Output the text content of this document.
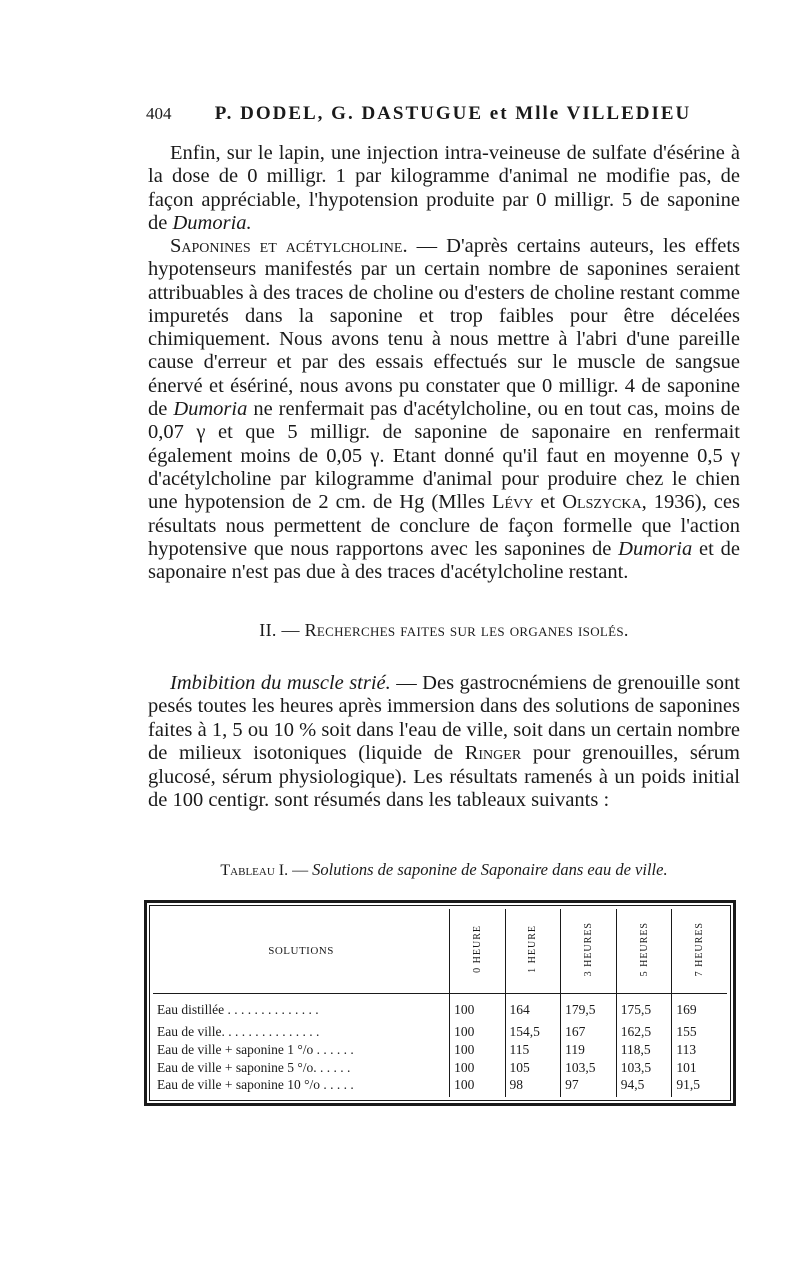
404	P. DODEL, G. DASTUGUE et Mlle VILLEDIEU

Enfin, sur le lapin, une injection intra-veineuse de sulfate d'ésérine à la dose de 0 milligr. 1 par kilogramme d'animal ne modifie pas, de façon appréciable, l'hypotension produite par 0 milligr. 5 de saponine de Dumoria.

Saponines et acétylcholine. — D'après certains auteurs, les effets hypotenseurs manifestés par un certain nombre de saponines seraient attribuables à des traces de choline ou d'esters de choline restant comme impuretés dans la saponine et trop faibles pour être décelées chimiquement. Nous avons tenu à nous mettre à l'abri d'une pareille cause d'erreur et par des essais effectués sur le muscle de sangsue énervé et ésériné, nous avons pu constater que 0 milligr. 4 de saponine de Dumoria ne renfermait pas d'acétylcholine, ou en tout cas, moins de 0,07 γ et que 5 milligr. de saponine de saponaire en renfermait également moins de 0,05 γ. Etant donné qu'il faut en moyenne 0,5 γ d'acétylcholine par kilogramme d'animal pour produire chez le chien une hypotension de 2 cm. de Hg (Mlles Lévy et Olszycka, 1936), ces résultats nous permettent de conclure de façon formelle que l'action hypotensive que nous rapportons avec les saponines de Dumoria et de saponaire n'est pas due à des traces d'acétylcholine restant.

II. — Recherches faites sur les organes isolés.

Imbibition du muscle strié. — Des gastrocnémiens de grenouille sont pesés toutes les heures après immersion dans des solutions de saponines faites à 1, 5 ou 10 % soit dans l'eau de ville, soit dans un certain nombre de milieux isotoniques (liquide de Ringer pour grenouilles, sérum glucosé, sérum physiologique). Les résultats ramenés à un poids initial de 100 centigr. sont résumés dans les tableaux suivants :

Tableau I. — Solutions de saponine de Saponaire dans eau de ville.
SOLUTIONS	0 HEURE	1 HEURE	3 HEURES	5 HEURES	7 HEURES
Eau distillée . . . . . . . . . . . . . .	100	164	179,5	175,5	169
Eau de ville. . . . . . . . . . . . . . .	100	154,5	167	162,5	155
Eau de ville + saponine 1 °/o . . . . . .	100	115	119	118,5	113
Eau de ville + saponine 5 °/o. . . . . .	100	105	103,5	103,5	101
Eau de ville + saponine 10 °/o . . . . .	100	98	97	94,5	91,5
